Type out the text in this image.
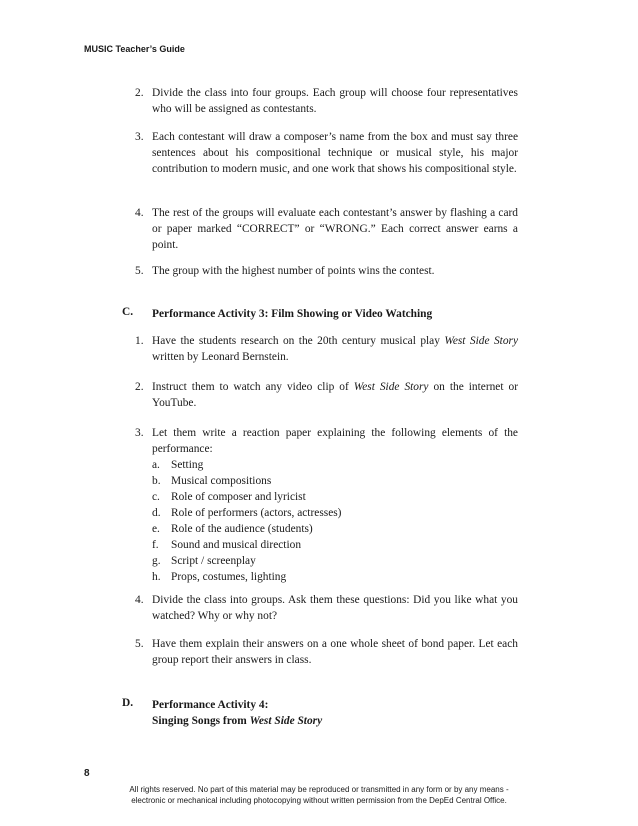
MUSIC Teacher’s Guide
2. Divide the class into four groups. Each group will choose four representatives who will be assigned as contestants.
3. Each contestant will draw a composer’s name from the box and must say three sentences about his compositional technique or musical style, his major contribution to modern music, and one work that shows his compositional style.
4. The rest of the groups will evaluate each contestant’s answer by flashing a card or paper marked “CORRECT” or “WRONG.” Each correct answer earns a point.
5. The group with the highest number of points wins the contest.
C. Performance Activity 3: Film Showing or Video Watching
1. Have the students research on the 20th century musical play West Side Story written by Leonard Bernstein.
2. Instruct them to watch any video clip of West Side Story on the internet or YouTube.
3. Let them write a reaction paper explaining the following elements of the performance:
a. Setting
b. Musical compositions
c. Role of composer and lyricist
d. Role of performers (actors, actresses)
e. Role of the audience (students)
f. Sound and musical direction
g. Script / screenplay
h. Props, costumes, lighting
4. Divide the class into groups. Ask them these questions: Did you like what you watched? Why or why not?
5. Have them explain their answers on a one whole sheet of bond paper. Let each group report their answers in class.
D. Performance Activity 4:
Singing Songs from West Side Story
8
All rights reserved. No part of this material may be reproduced or transmitted in any form or by any means -
electronic or mechanical including photocopying without written permission from the DepEd Central Office.
